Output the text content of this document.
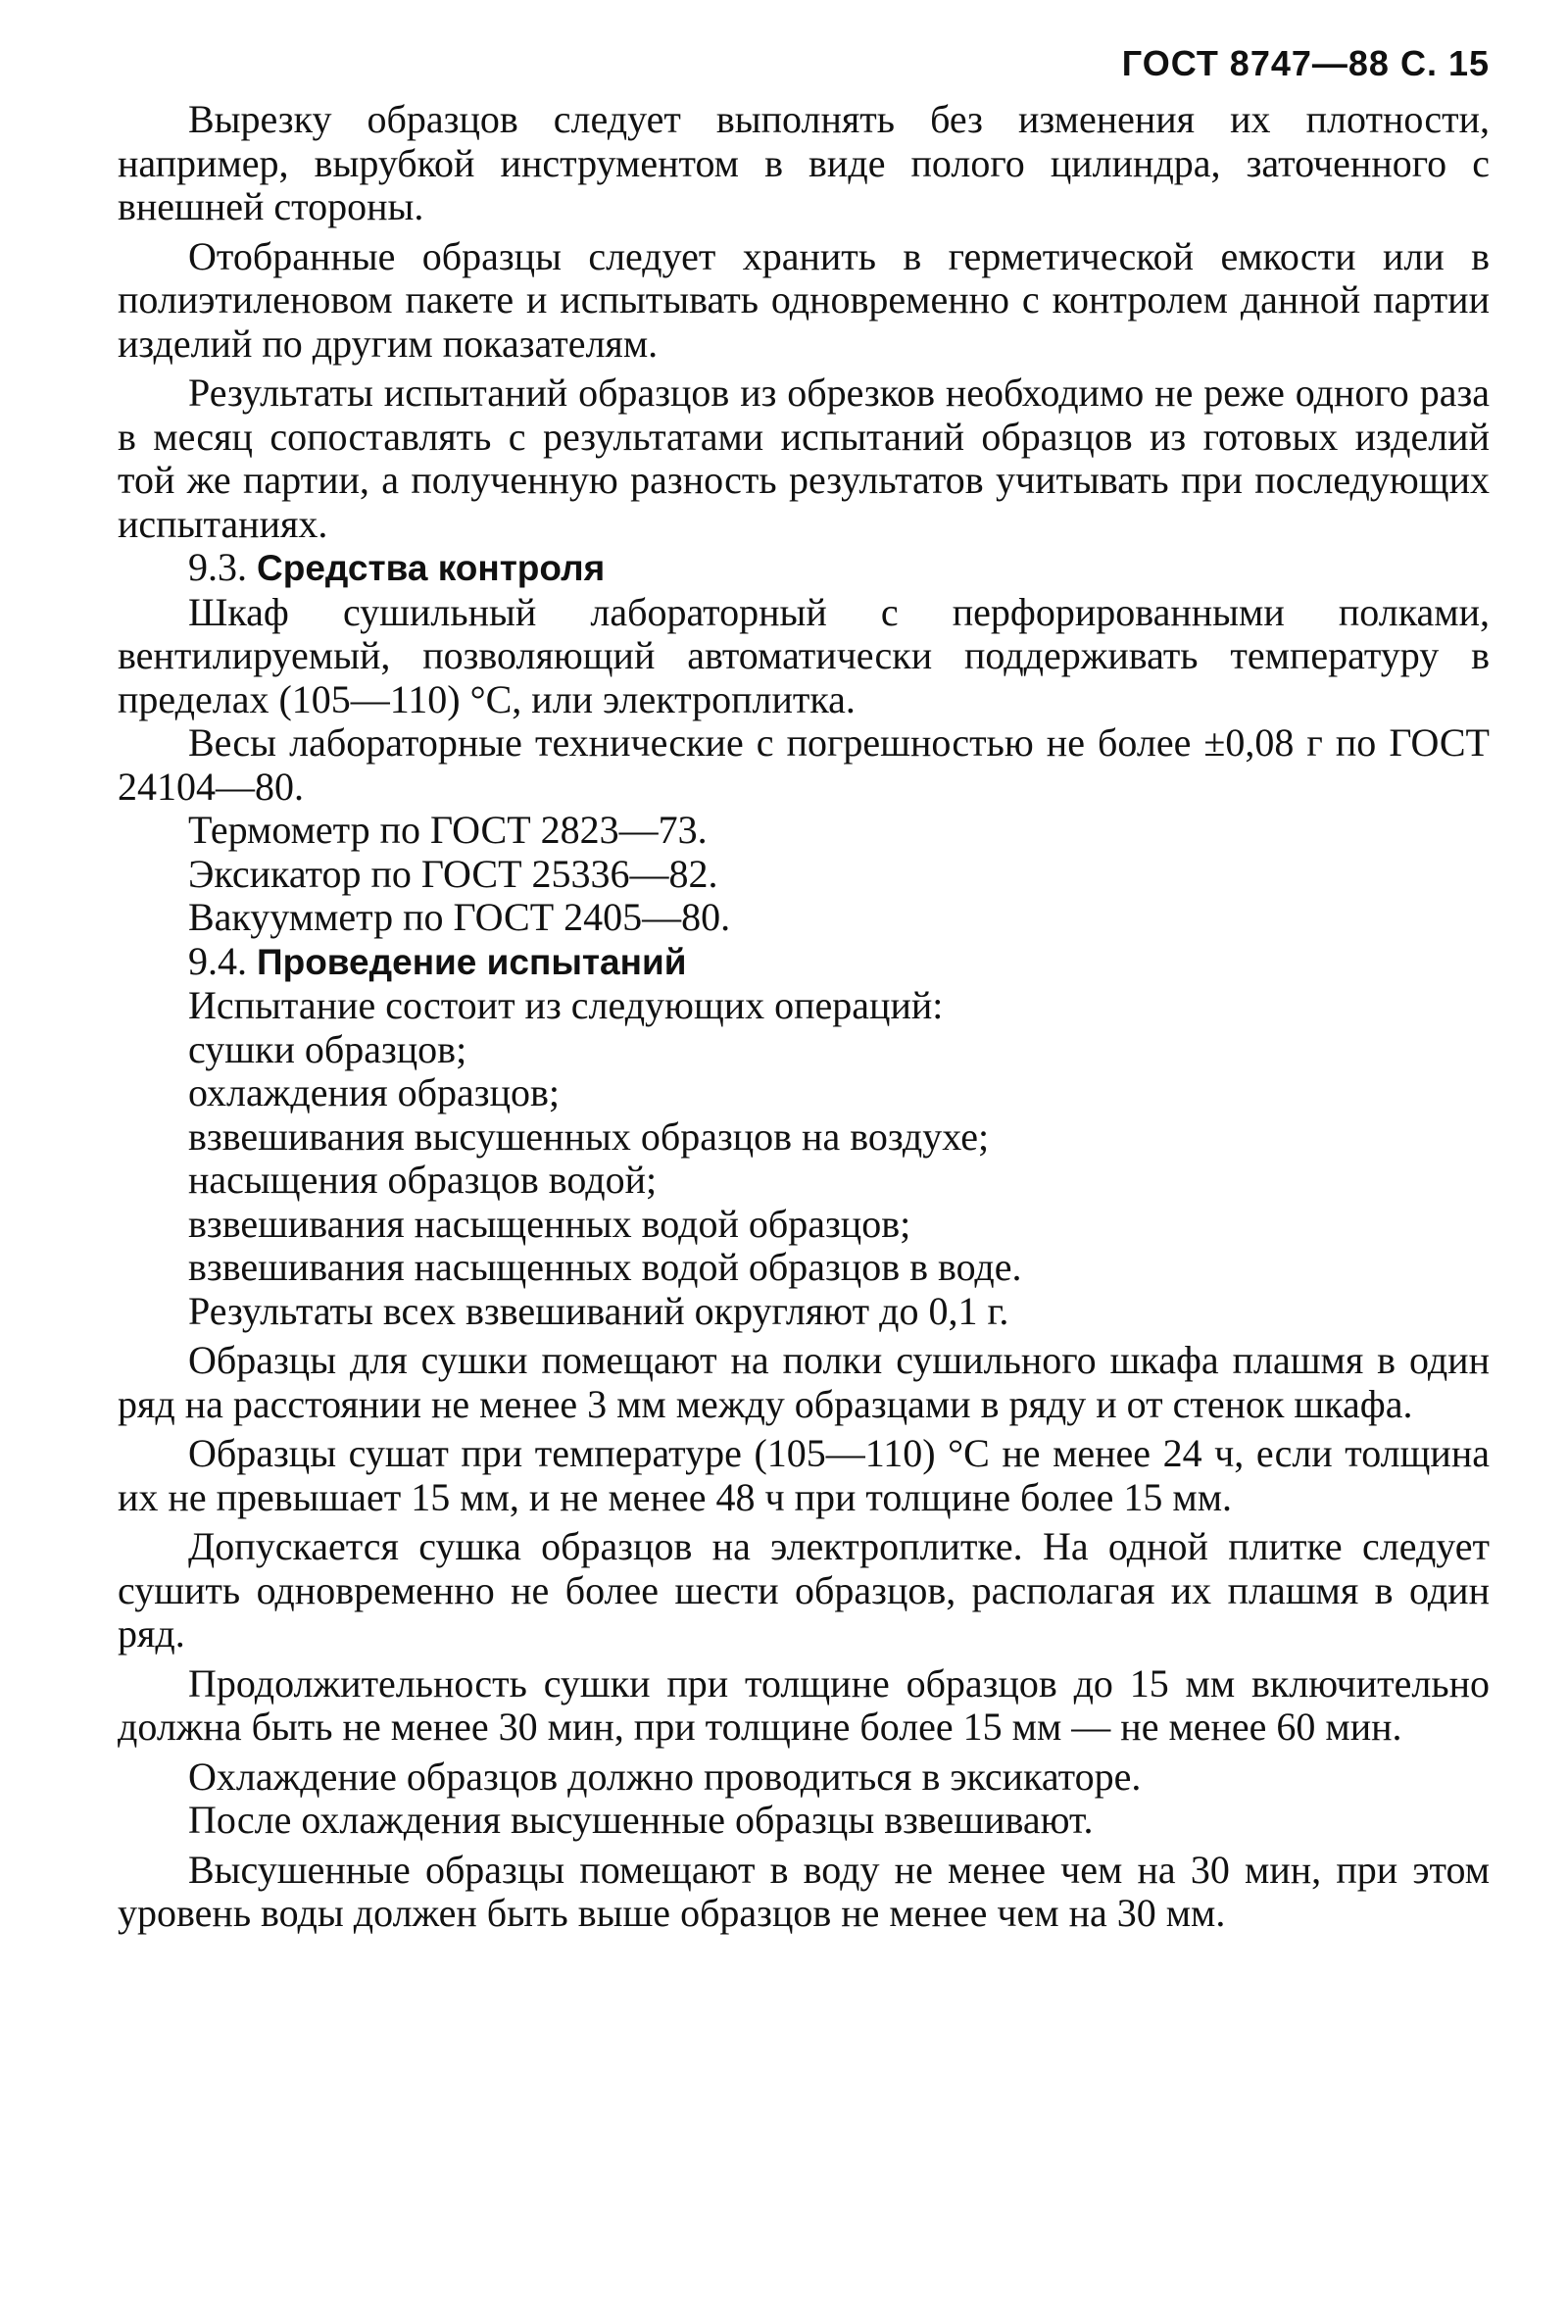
ГОСТ 8747—88 С. 15

Вырезку образцов следует выполнять без изменения их плотности, например, вырубкой инструментом в виде полого цилиндра, заточенного с внешней стороны.

Отобранные образцы следует хранить в герметической емкости или в полиэтиленовом пакете и испытывать одновременно с контролем данной партии изделий по другим показателям.

Результаты испытаний образцов из обрезков необходимо не реже одного раза в месяц сопоставлять с результатами испытаний образцов из готовых изделий той же партии, а полученную разность результатов учитывать при последующих испытаниях.

9.3. Средства контроля

Шкаф сушильный лабораторный с перфорированными полками, вентилируемый, позволяющий автоматически поддерживать температуру в пределах (105—110) °С, или электроплитка.

Весы лабораторные технические с погрешностью не более ±0,08 г по ГОСТ 24104—80.

Термометр по ГОСТ 2823—73.

Эксикатор по ГОСТ 25336—82.

Вакуумметр по ГОСТ 2405—80.

9.4. Проведение испытаний

Испытание состоит из следующих операций:

сушки образцов;

охлаждения образцов;

взвешивания высушенных образцов на воздухе;

насыщения образцов водой;

взвешивания насыщенных водой образцов;

взвешивания насыщенных водой образцов в воде.

Результаты всех взвешиваний округляют до 0,1 г.

Образцы для сушки помещают на полки сушильного шкафа плашмя в один ряд на расстоянии не менее 3 мм между образцами в ряду и от стенок шкафа.

Образцы сушат при температуре (105—110) °С не менее 24 ч, если толщина их не превышает 15 мм, и не менее 48 ч при толщине более 15 мм.

Допускается сушка образцов на электроплитке. На одной плитке следует сушить одновременно не более шести образцов, располагая их плашмя в один ряд.

Продолжительность сушки при толщине образцов до 15 мм включительно должна быть не менее 30 мин, при толщине более 15 мм — не менее 60 мин.

Охлаждение образцов должно проводиться в эксикаторе.

После охлаждения высушенные образцы взвешивают.

Высушенные образцы помещают в воду не менее чем на 30 мин, при этом уровень воды должен быть выше образцов не менее чем на 30 мм.
